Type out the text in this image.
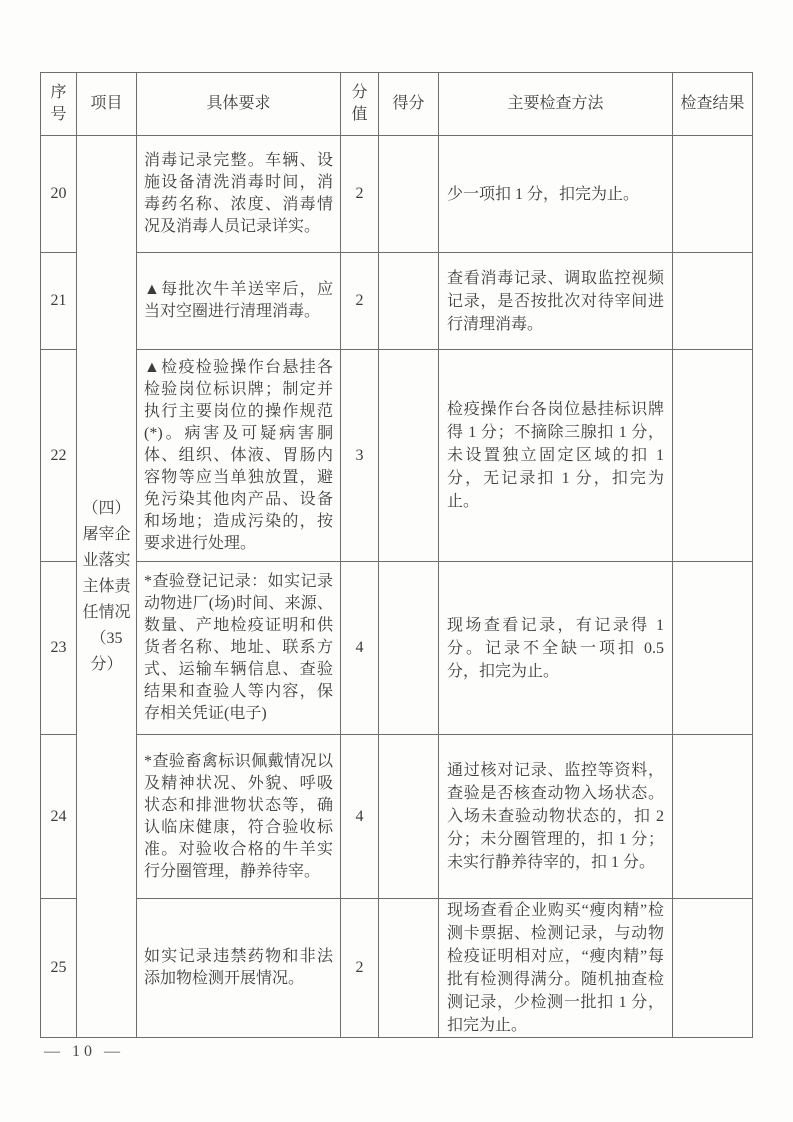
序号	项目	具体要求	分值	得分	主要检查方法	检查结果
20	（四）屠宰企业落实主体责任情况（35分）	消毒记录完整。车辆、设施设备清洗消毒时间，消毒药名称、浓度、消毒情况及消毒人员记录详实。	2		少一项扣 1 分，扣完为止。	
21		▲每批次牛羊送宰后，应当对空圈进行清理消毒。	2		查看消毒记录、调取监控视频记录，是否按批次对待宰间进行清理消毒。	
22		▲检疫检验操作台悬挂各检验岗位标识牌；制定并执行主要岗位的操作规范(*)。病害及可疑病害胴体、组织、体液、胃肠内容物等应当单独放置，避免污染其他肉产品、设备和场地；造成污染的，按要求进行处理。	3		检疫操作台各岗位悬挂标识牌得 1 分；不摘除三腺扣 1 分，未设置独立固定区域的扣 1 分，无记录扣 1 分，扣完为止。	
23		*查验登记记录：如实记录动物进厂(场)时间、来源、数量、产地检疫证明和供货者名称、地址、联系方式、运输车辆信息、查验结果和查验人等内容，保存相关凭证(电子)	4		现场查看记录，有记录得 1 分。记录不全缺一项扣 0.5 分，扣完为止。	
24		*查验畜禽标识佩戴情况以及精神状况、外貌、呼吸状态和排泄物状态等，确认临床健康，符合验收标准。对验收合格的牛羊实行分圈管理，静养待宰。	4		通过核对记录、监控等资料，查验是否核查动物入场状态。入场未查验动物状态的，扣 2 分；未分圈管理的，扣 1 分；未实行静养待宰的，扣 1 分。	
25		如实记录违禁药物和非法添加物检测开展情况。	2		现场查看企业购买“瘦肉精”检测卡票据、检测记录，与动物检疫证明相对应，“瘦肉精”每批有检测得满分。随机抽查检测记录，少检测一批扣 1 分，扣完为止。	
— 10 —
